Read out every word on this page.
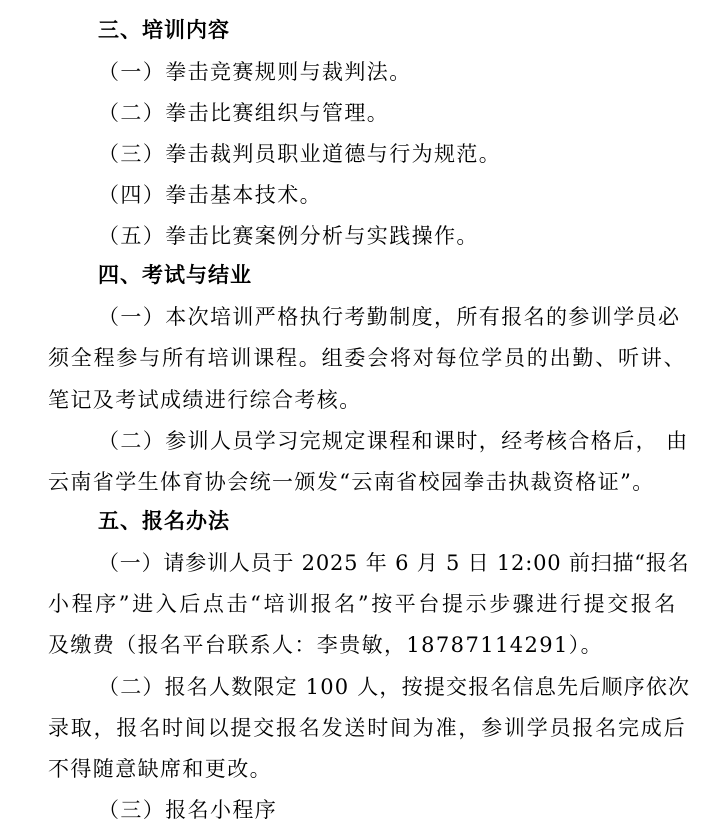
三、培训内容
（一）拳击竞赛规则与裁判法。
（二）拳击比赛组织与管理。
（三）拳击裁判员职业道德与行为规范。
（四）拳击基本技术。
（五）拳击比赛案例分析与实践操作。
四、考试与结业
（一）本次培训严格执行考勤制度，所有报名的参训学员必
须全程参与所有培训课程。组委会将对每位学员的出勤、听讲、
笔记及考试成绩进行综合考核。
（二）参训人员学习完规定课程和课时，经考核合格后， 由
云南省学生体育协会统一颁发“云南省校园拳击执裁资格证”。
五、报名办法
（一）请参训人员于 2025 年 6 月 5 日 12:00 前扫描“报名
小程序”进入后点击“培训报名”按平台提示步骤进行提交报名
及缴费（报名平台联系人：李贵敏，18787114291）。
（二）报名人数限定 100 人，按提交报名信息先后顺序依次
录取，报名时间以提交报名发送时间为准，参训学员报名完成后
不得随意缺席和更改。
（三）报名小程序
